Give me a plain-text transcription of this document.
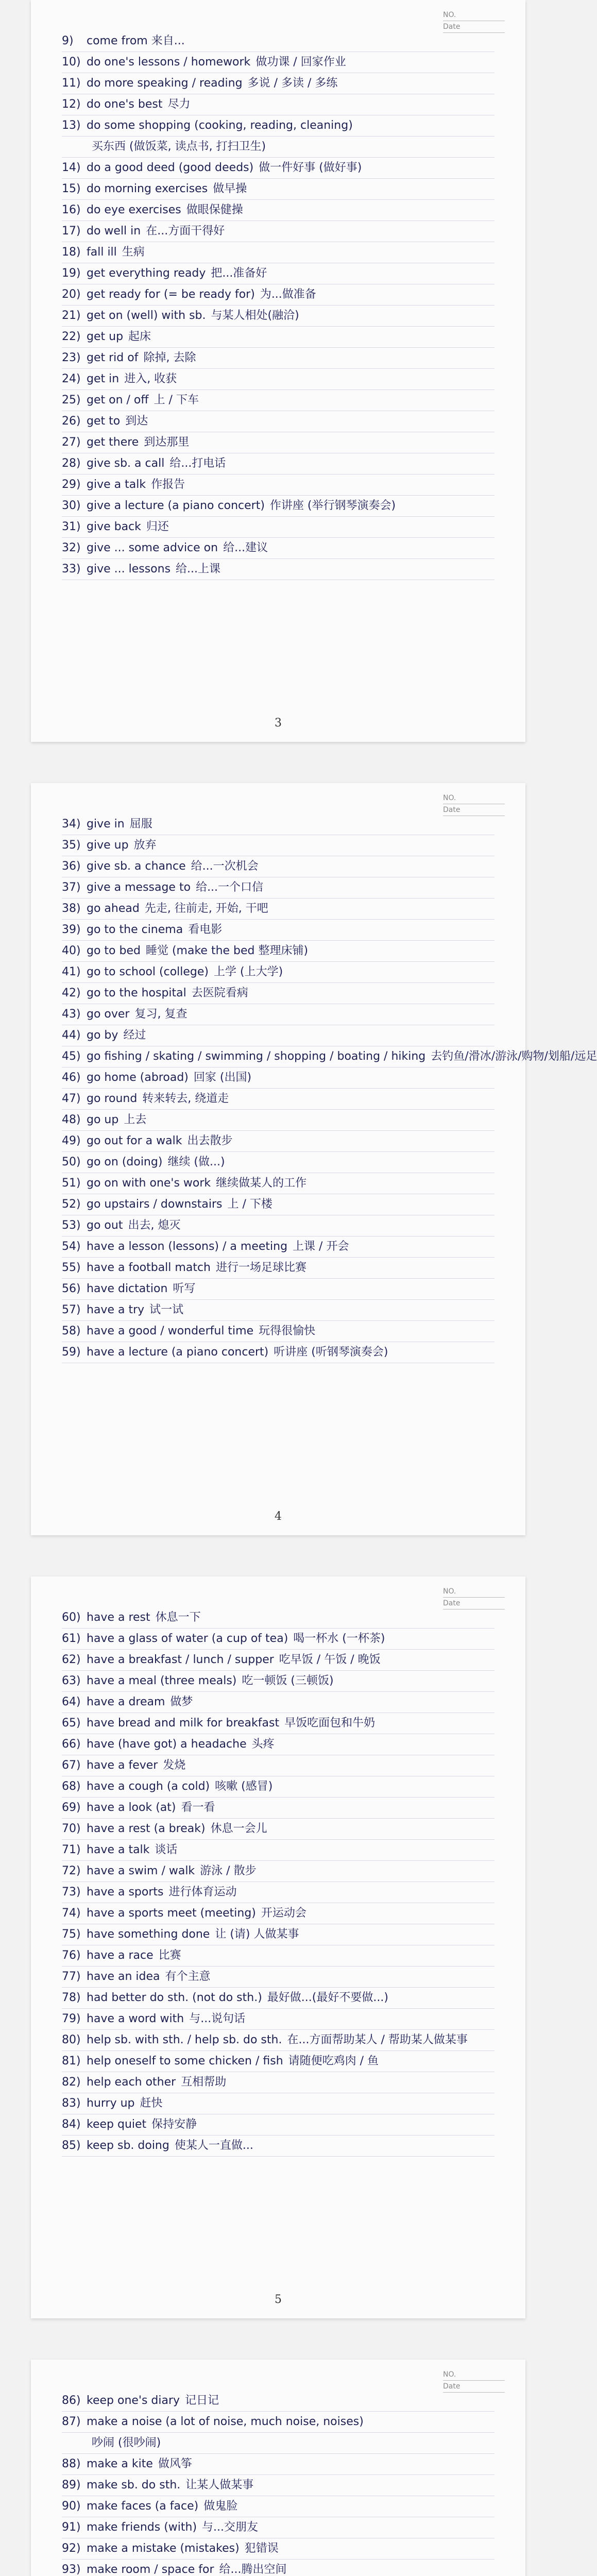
NO.
Date
9) come from 来自...
10) do one's lessons / homework 做功课 / 回家作业
11) do more speaking / reading 多说 / 多读 / 多练
12) do one's best 尽力
13) do some shopping (cooking, reading, cleaning)
买东西 (做饭菜, 读点书, 打扫卫生)
14) do a good deed (good deeds) 做一件好事 (做好事)
15) do morning exercises 做早操
16) do eye exercises 做眼保健操
17) do well in 在...方面干得好
18) fall ill 生病
19) get everything ready 把...准备好
20) get ready for (= be ready for) 为...做准备
21) get on (well) with sb. 与某人相处(融洽)
22) get up 起床
23) get rid of 除掉, 去除
24) get in 进入, 收获
25) get on / off 上 / 下车
26) get to 到达
27) get there 到达那里
28) give sb. a call 给...打电话
29) give a talk 作报告
30) give a lecture (a piano concert) 作讲座 (举行钢琴演奏会)
31) give back 归还
32) give ... some advice on 给...建议
33) give ... lessons 给...上课
3
NO.
Date
34) give in 屈服
35) give up 放弃
36) give sb. a chance 给...一次机会
37) give a message to 给...一个口信
38) go ahead 先走, 往前走, 开始, 干吧
39) go to the cinema 看电影
40) go to bed 睡觉 (make the bed 整理床铺)
41) go to school (college) 上学 (上大学)
42) go to the hospital 去医院看病
43) go over 复习, 复查
44) go by 经过
45) go fishing / skating / swimming / shopping / boating / hiking 去钓鱼/滑冰/游泳/购物/划船/远足
46) go home (abroad) 回家 (出国)
47) go round 转来转去, 绕道走
48) go up 上去
49) go out for a walk 出去散步
50) go on (doing) 继续 (做...)
51) go on with one's work 继续做某人的工作
52) go upstairs / downstairs 上 / 下楼
53) go out 出去, 熄灭
54) have a lesson (lessons) / a meeting 上课 / 开会
55) have a football match 进行一场足球比赛
56) have dictation 听写
57) have a try 试一试
58) have a good / wonderful time 玩得很愉快
59) have a lecture (a piano concert) 听讲座 (听钢琴演奏会)
4
NO.
Date
60) have a rest 休息一下
61) have a glass of water (a cup of tea) 喝一杯水 (一杯茶)
62) have a breakfast / lunch / supper 吃早饭 / 午饭 / 晚饭
63) have a meal (three meals) 吃一顿饭 (三顿饭)
64) have a dream 做梦
65) have bread and milk for breakfast 早饭吃面包和牛奶
66) have (have got) a headache 头疼
67) have a fever 发烧
68) have a cough (a cold) 咳嗽 (感冒)
69) have a look (at) 看一看
70) have a rest (a break) 休息一会儿
71) have a talk 谈话
72) have a swim / walk 游泳 / 散步
73) have a sports 进行体育运动
74) have a sports meet (meeting) 开运动会
75) have something done 让 (请) 人做某事
76) have a race 比赛
77) have an idea 有个主意
78) had better do sth. (not do sth.) 最好做...(最好不要做...)
79) have a word with 与...说句话
80) help sb. with sth. / help sb. do sth. 在...方面帮助某人 / 帮助某人做某事
81) help oneself to some chicken / fish 请随便吃鸡肉 / 鱼
82) help each other 互相帮助
83) hurry up 赶快
84) keep quiet 保持安静
85) keep sb. doing 使某人一直做...
5
NO.
Date
86) keep one's diary 记日记
87) make a noise (a lot of noise, much noise, noises)
吵闹 (很吵闹)
88) make a kite 做风筝
89) make sb. do sth. 让某人做某事
90) make faces (a face) 做鬼脸
91) make friends (with) 与...交朋友
92) make a mistake (mistakes) 犯错误
93) make room / space for 给...腾出空间
